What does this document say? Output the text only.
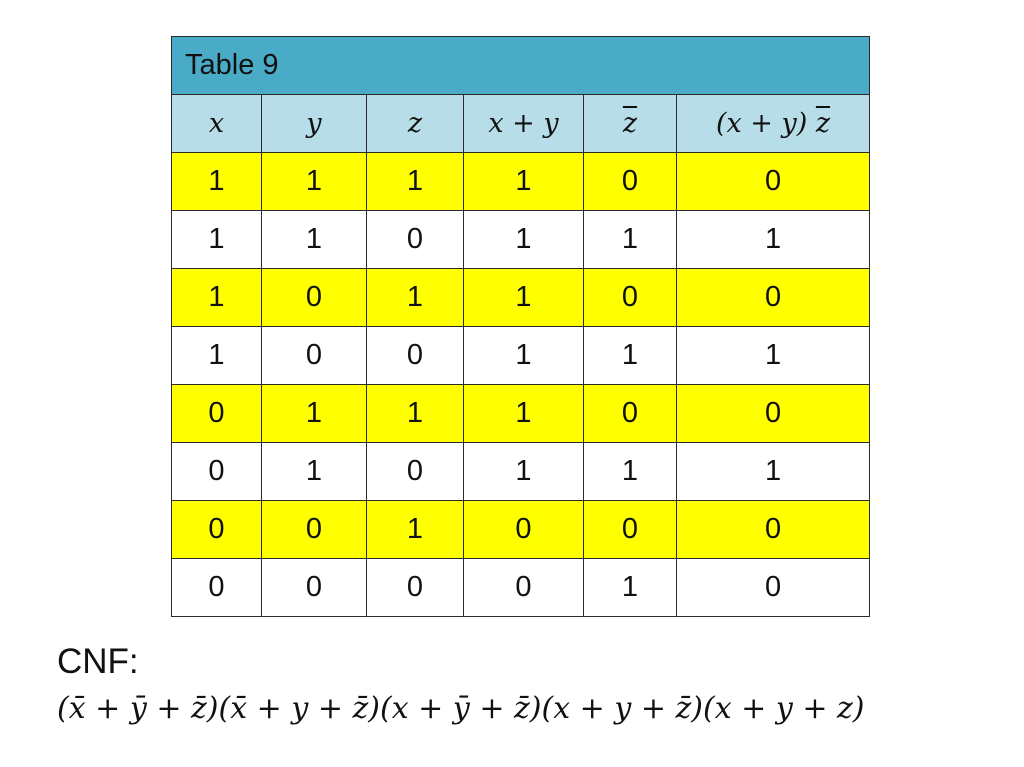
Table 9					
x	y	z	x + y	$\overline{z}$	(x + y) $\overline{z}$
1	1	1	1	0	0
1	1	0	1	1	1
1	0	1	1	0	0
1	0	0	1	1	1
0	1	1	1	0	0
0	1	0	1	1	1
0	0	1	0	0	0
0	0	0	0	1	0
CNF:
(x̄ + ȳ + z̄)(x̄ + y + z̄)(x + ȳ + z̄)(x + y + z̄)(x + y + z)
